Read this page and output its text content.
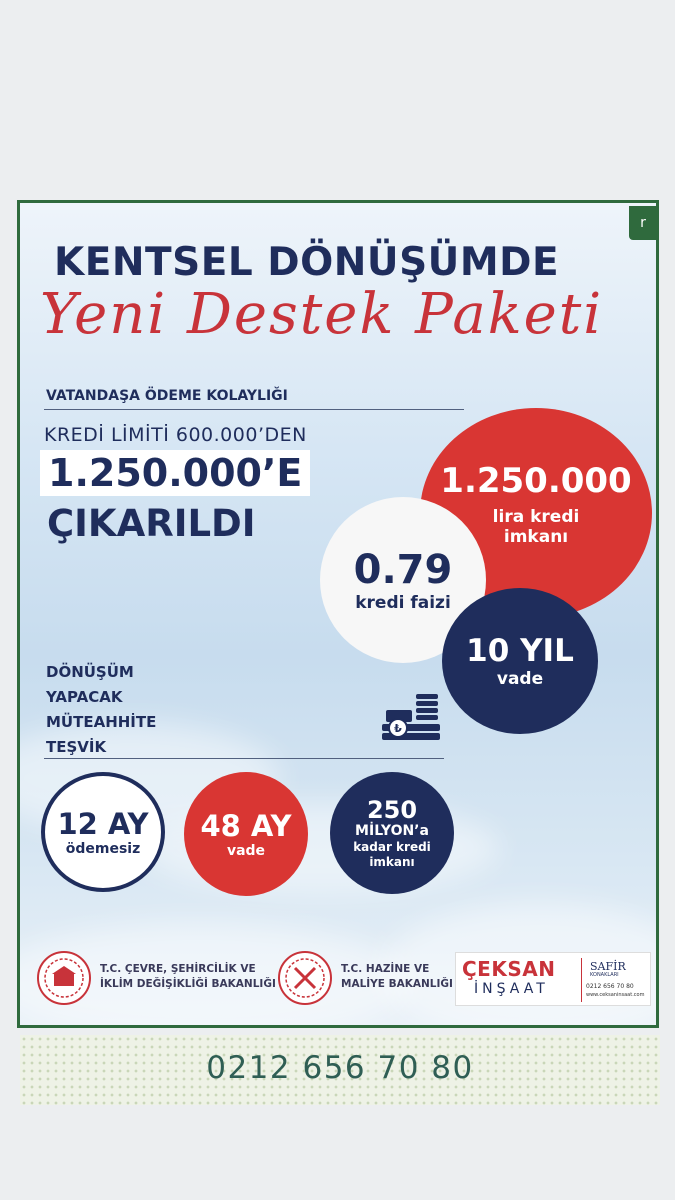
r
KENTSEL DÖNÜŞÜMDE
Yeni Destek Paketi
VATANDAŞA ÖDEME KOLAYLIĞI
KREDİ LİMİTİ 600.000’DEN
1.250.000’E
ÇIKARILDI
1.250.000
lira kredi
imkanı
0.79
kredi faizi
10 YIL
vade
DÖNÜŞÜM
YAPACAK
MÜTEAHHİTE
TEŞVİK
₺
12 AY
ödemesiz
48 AY
vade
250
MİLYON’a
kadar kredi
imkanı
T.C. ÇEVRE, ŞEHİRCİLİK VE
İKLİM DEĞİŞİKLİĞİ BAKANLIĞI
T.C. HAZİNE VE
MALİYE BAKANLIĞI
ÇEKSAN
İNŞAAT
SAFİR
KONAKLARI
0212 656 70 80
www.ceksaninsaat.com
0212 656 70 80
